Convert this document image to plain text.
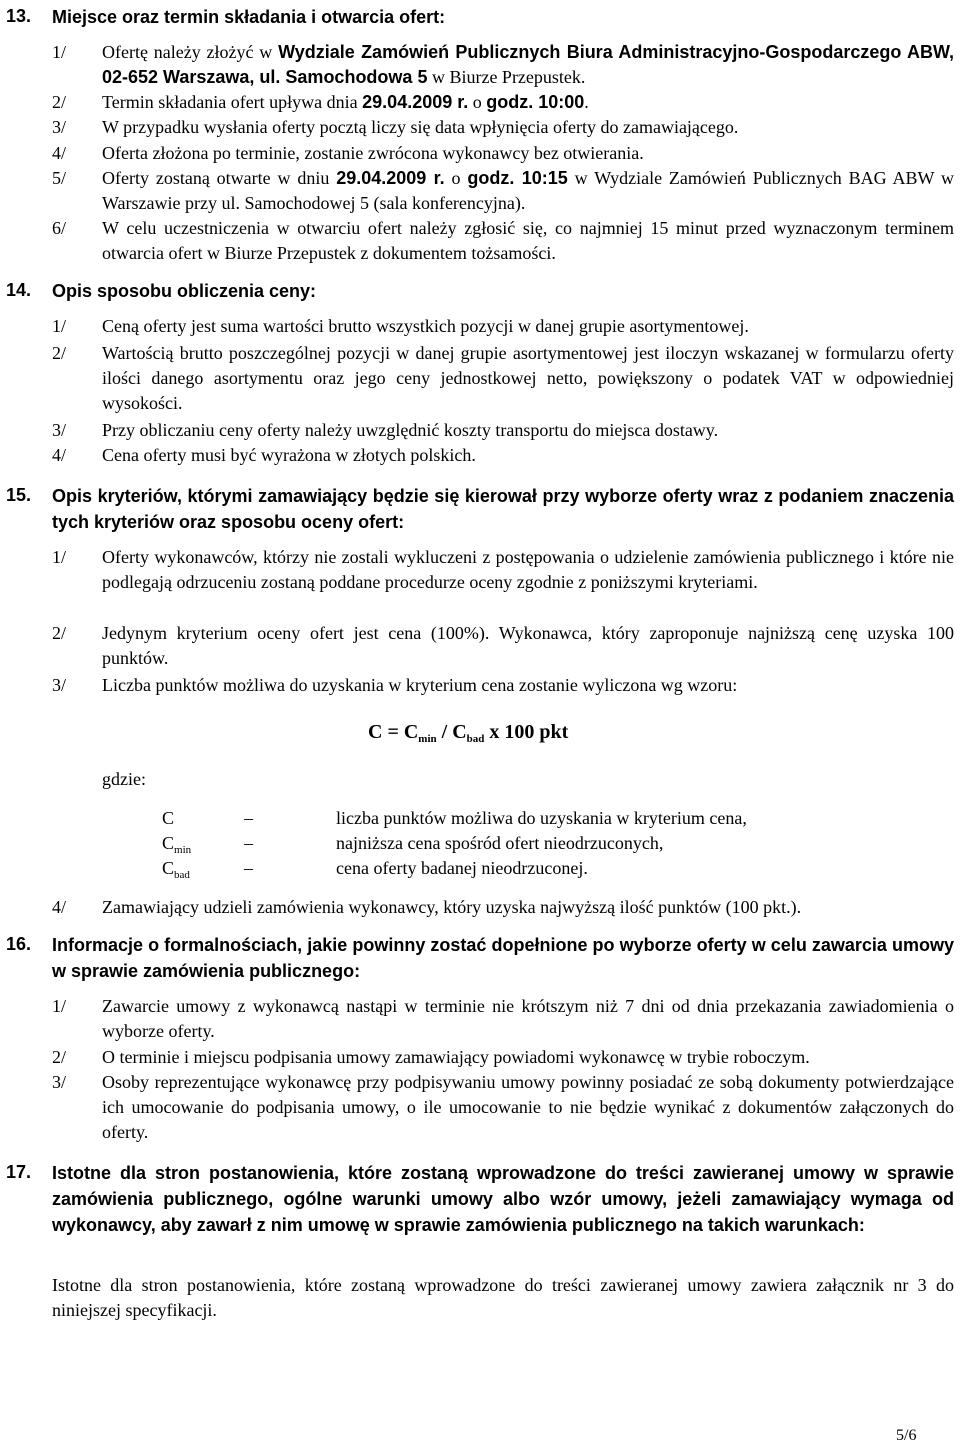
13. Miejsce oraz termin składania i otwarcia ofert:
1/ Ofertę należy złożyć w Wydziale Zamówień Publicznych Biura Administracyjno-Gospodarczego ABW, 02-652 Warszawa, ul. Samochodowa 5 w Biurze Przepustek.
2/ Termin składania ofert upływa dnia 29.04.2009 r. o godz. 10:00.
3/ W przypadku wysłania oferty pocztą liczy się data wpłynięcia oferty do zamawiającego.
4/ Oferta złożona po terminie, zostanie zwrócona wykonawcy bez otwierania.
5/ Oferty zostaną otwarte w dniu 29.04.2009 r. o godz. 10:15 w Wydziale Zamówień Publicznych BAG ABW w Warszawie przy ul. Samochodowej 5 (sala konferencyjna).
6/ W celu uczestniczenia w otwarciu ofert należy zgłosić się, co najmniej 15 minut przed wyznaczonym terminem otwarcia ofert w Biurze Przepustek z dokumentem tożsamości.
14. Opis sposobu obliczenia ceny:
1/ Ceną oferty jest suma wartości brutto wszystkich pozycji w danej grupie asortymentowej.
2/ Wartością brutto poszczególnej pozycji w danej grupie asortymentowej jest iloczyn wskazanej w formularzu oferty ilości danego asortymentu oraz jego ceny jednostkowej netto, powiększony o podatek VAT w odpowiedniej wysokości.
3/ Przy obliczaniu ceny oferty należy uwzględnić koszty transportu do miejsca dostawy.
4/ Cena oferty musi być wyrażona w złotych polskich.
15. Opis kryteriów, którymi zamawiający będzie się kierował przy wyborze oferty wraz z podaniem znaczenia tych kryteriów oraz sposobu oceny ofert:
1/ Oferty wykonawców, którzy nie zostali wykluczeni z postępowania o udzielenie zamówienia publicznego i które nie podlegają odrzuceniu zostaną poddane procedurze oceny zgodnie z poniższymi kryteriami.
2/ Jedynym kryterium oceny ofert jest cena (100%). Wykonawca, który zaproponuje najniższą cenę uzyska 100 punktów.
3/ Liczba punktów możliwa do uzyskania w kryterium cena zostanie wyliczona wg wzoru:
$C = C_{min} / C_{bad}$ x 100 pkt
gdzie:
C	–	liczba punktów możliwa do uzyskania w kryterium cena,
$C_{min}$	–	najniższa cena spośród ofert nieodrzuconych,
$C_{bad}$	–	cena oferty badanej nieodrzuconej.
4/ Zamawiający udzieli zamówienia wykonawcy, który uzyska najwyższą ilość punktów (100 pkt.).
16. Informacje o formalnościach, jakie powinny zostać dopełnione po wyborze oferty w celu zawarcia umowy w sprawie zamówienia publicznego:
1/ Zawarcie umowy z wykonawcą nastąpi w terminie nie krótszym niż 7 dni od dnia przekazania zawiadomienia o wyborze oferty.
2/ O terminie i miejscu podpisania umowy zamawiający powiadomi wykonawcę w trybie roboczym.
3/ Osoby reprezentujące wykonawcę przy podpisywaniu umowy powinny posiadać ze sobą dokumenty potwierdzające ich umocowanie do podpisania umowy, o ile umocowanie to nie będzie wynikać z dokumentów załączonych do oferty.
17. Istotne dla stron postanowienia, które zostaną wprowadzone do treści zawieranej umowy w sprawie zamówienia publicznego, ogólne warunki umowy albo wzór umowy, jeżeli zamawiający wymaga od wykonawcy, aby zawarł z nim umowę w sprawie zamówienia publicznego na takich warunkach:
Istotne dla stron postanowienia, które zostaną wprowadzone do treści zawieranej umowy zawiera załącznik nr 3 do niniejszej specyfikacji.
5/6
